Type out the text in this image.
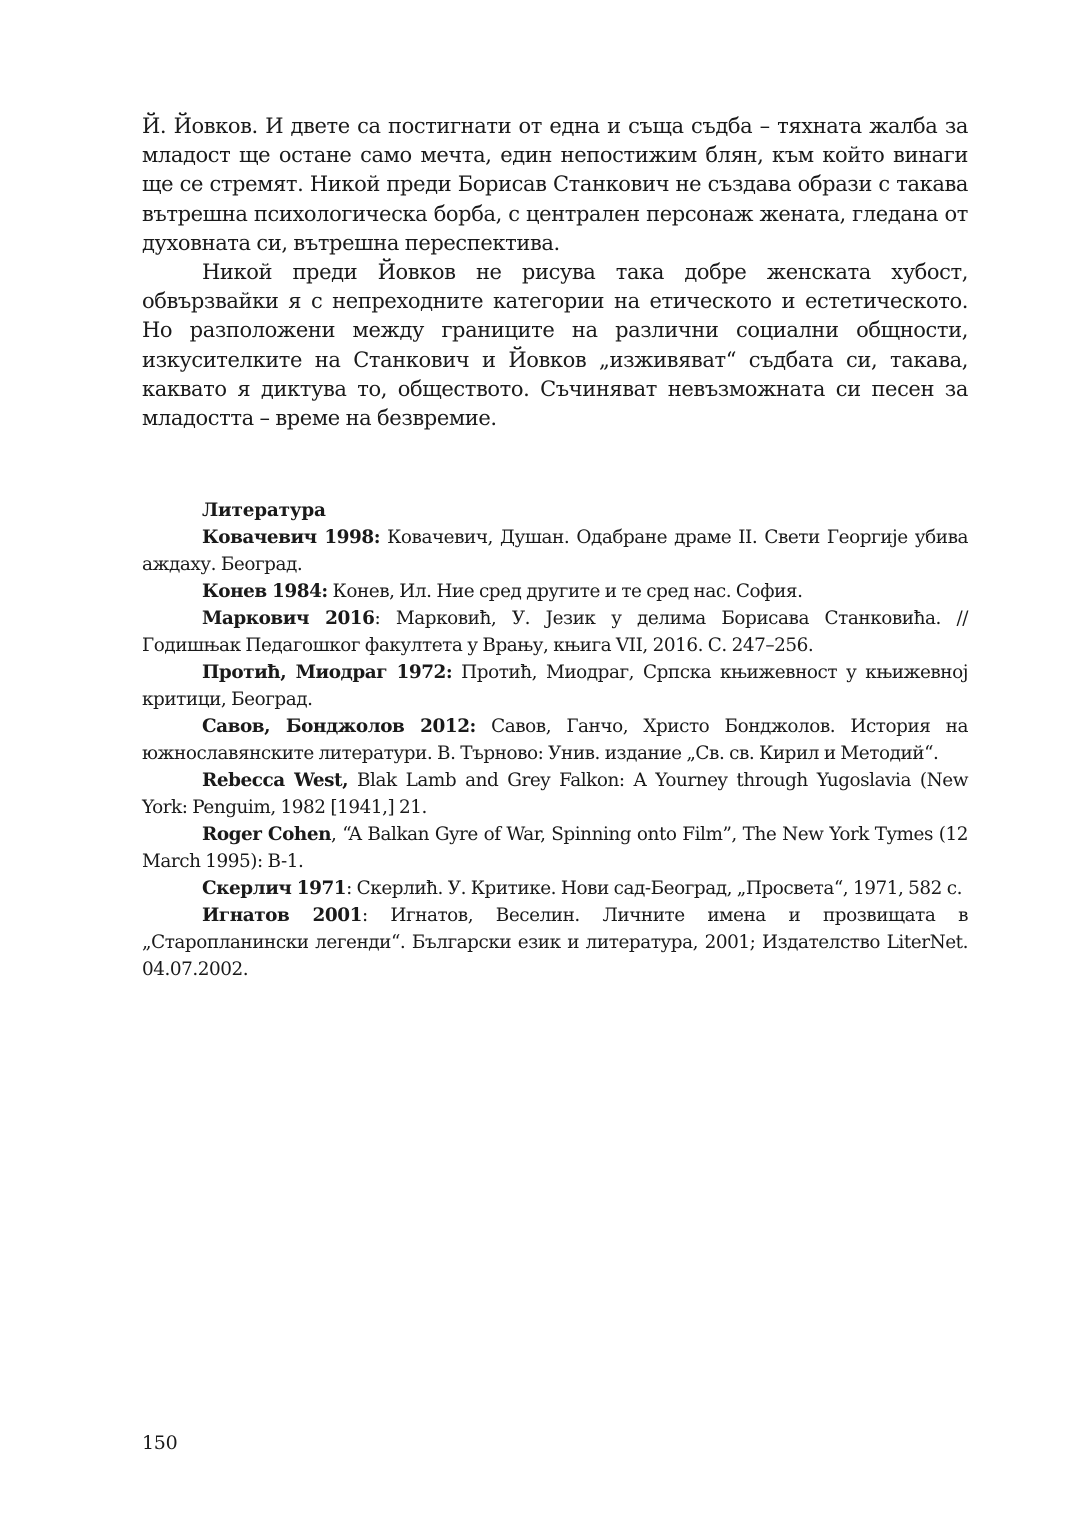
Й. Йовков. И двете са постигнати от една и съща съдба – тяхната жалба за младост ще остане само мечта, един непостижим блян, към който винаги ще се стремят. Никой преди Борисав Станкович не създава образи с такава вътрешна психологическа борба, с централен персонаж жената, гледана от духовната си, вътрешна переспектива.

Никой преди Йовков не рисува така добре женската хубост, обвързвайки я с непреходните категории на етическото и естетическото. Но разположени между границите на различни социални общности, изкусителките на Станкович и Йовков „изживяват“ съдбата си, такава, каквато я диктува то, обществото. Съчиняват невъзможната си песен за младостта – време на безвремие.

Литература

Ковачевич 1998: Ковачевич, Душан. Одабране драме II. Свети Георгије убива аждаху. Београд.

Конев 1984: Конев, Ил. Ние сред другите и те сред нас. София.

Маркович 2016: Марковиħ, У. Језик у делима Борисава Станковиħа. // Годишњак Педагошког факултета у Врању, књига VII, 2016. С. 247–256.

Протиħ, Миодраг 1972: Протиħ, Миодраг, Српска књижевност у књижевној критици, Београд.

Савов, Бонджолов 2012: Савов, Ганчо, Христо Бонджолов. История на южнославянските литератури. В. Търново: Унив. издание „Св. св. Кирил и Методий“.

Rebecca West, Blak Lamb and Grey Falkon: A Yourney through Yugoslavia (New York: Penguim, 1982 [1941,] 21.

Roger Cohen, “A Balkan Gyre of War, Spinning onto Film”, The New York Tymes (12 March 1995): B-1.

Скерлич 1971: Скерлиħ. У. Критике. Нови сад-Београд, „Просвета“, 1971, 582 с.

Игнатов 2001: Игнатов, Веселин. Личните имена и прозвищата в „Старопланински легенди“. Български език и литература, 2001; Издателство LiterNet. 04.07.2002.

150
